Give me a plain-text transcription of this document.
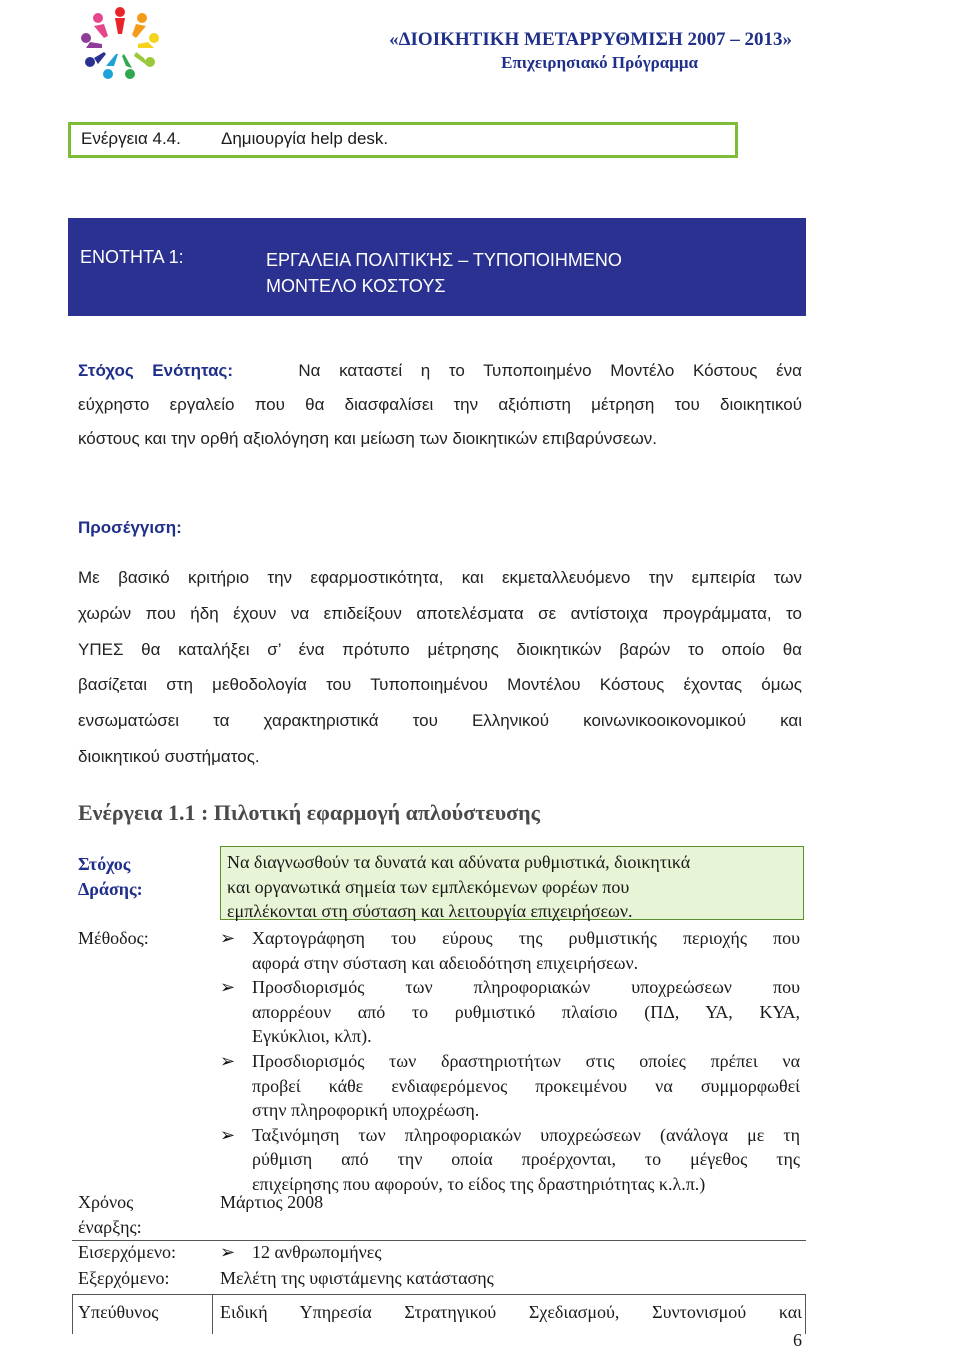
«ΔΙΟΙΚΗΤΙΚΗ ΜΕΤΑΡΡΥΘΜΙΣΗ 2007 – 2013»
Επιχειρησιακό Πρόγραμμα
Ενέργεια 4.4. Δημιουργία help desk.
ΕΝΟΤΗΤΑ 1:	ΕΡΓΑΛΕΙΑ ΠΟΛΙΤΙΚΉΣ – ΤΥΠΟΠΟΙΗΜΕΝΟ
ΜΟΝΤΕΛΟ ΚΟΣΤΟΥΣ
Στόχος Ενότητας:	Να καταστεί η το Τυποποιημένο Μοντέλο Κόστους ένα
εύχρηστο εργαλείο που θα διασφαλίσει την αξιόπιστη μέτρηση του διοικητικού
κόστους και την ορθή αξιολόγηση και μείωση των διοικητικών επιβαρύνσεων.
Προσέγγιση:
Με βασικό κριτήριο την εφαρμοστικότητα, και εκμεταλλευόμενο την εμπειρία των
χωρών που ήδη έχουν να επιδείξουν αποτελέσματα σε αντίστοιχα προγράμματα, το
ΥΠΕΣ θα καταλήξει σ’ ένα πρότυπο μέτρησης διοικητικών βαρών το οποίο θα
βασίζεται στη μεθοδολογία του Τυποποιημένου Μοντέλου Κόστους έχοντας όμως
ενσωματώσει τα χαρακτηριστικά του Ελληνικού κοινωνικοοικονομικού και
διοικητικού συστήματος.
Ενέργεια 1.1 : Πιλοτική εφαρμογή απλούστευσης
Στόχος
Δράσης:
Να διαγνωσθούν τα δυνατά και αδύνατα ρυθμιστικά, διοικητικά
και οργανωτικά σημεία των εμπλεκόμενων φορέων που
εμπλέκονται στη σύσταση και λειτουργία επιχειρήσεων.
Μέθοδος:	➢ Χαρτογράφηση του εύρους της ρυθμιστικής περιοχής που
αφορά στην σύσταση και αδειοδότηση επιχειρήσεων.
➢ Προσδιορισμός των πληροφοριακών υποχρεώσεων που
απορρέουν από το ρυθμιστικό πλαίσιο (ΠΔ, ΥΑ, ΚΥΑ,
Εγκύκλιοι, κλπ).
➢ Προσδιορισμός των δραστηριοτήτων στις οποίες πρέπει να
προβεί κάθε ενδιαφερόμενος προκειμένου να συμμορφωθεί
στην πληροφορική υποχρέωση.
➢ Ταξινόμηση των πληροφοριακών υποχρεώσεων (ανάλογα με τη
ρύθμιση από την οποία προέρχονται, το μέγεθος της
επιχείρησης που αφορούν, το είδος της δραστηριότητας κ.λ.π.)
Χρόνος
έναρξης:
Μάρτιος 2008
Εισερχόμενο: ➢ 12 ανθρωπομήνες
Εξερχόμενο:	Μελέτη της υφιστάμενης κατάστασης
Υπεύθυνος	Ειδική Υπηρεσία Στρατηγικού Σχεδιασμού, Συντονισμού και
6
